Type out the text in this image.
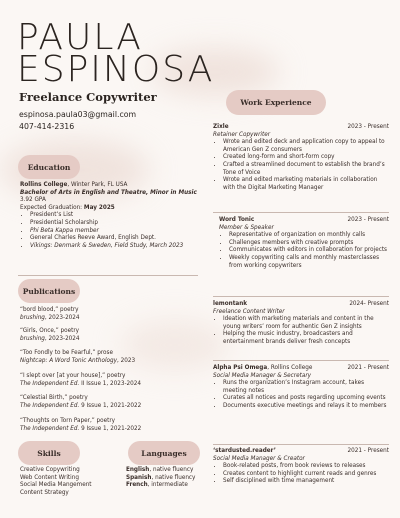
PAULA
ESPINOSA
Freelance Copywriter
espinosa.paula03@gmail.com
407-414-2316
Work Experience
Education
Rollins College, Winter Park, FL USA
Bachelor of Arts in English and Theatre, Minor in Music
3.92 GPA
Expected Graduation: May 2025
• President’s List
• Presidential Scholarship
• Phi Beta Kappa member
• General Charles Reeve Award, English Dept.
• Vikings: Denmark & Sweden, Field Study, March 2023
Publications
“bord blood,” poetry
brushing, 2023-2024
“Girls, Once,” poetry
brushing, 2023-2024
“Too Fondly to be Fearful,” prose
Nightcap: A Word Tonic Anthology, 2023
“I slept over [at your house],” poetry
The Independent Ed. II Issue 1, 2023-2024
“Celestial Birth,” poetry
The Independent Ed. 9 Issue 1, 2021-2022
“Thoughts on Torn Paper,” poetry
The Independent Ed. 9 Issue 1, 2021-2022
Skills	Languages
Creative Copywriting
Web Content Writing
Social Media Mangement
Content Strategy
English, native fluency
Spanish, native fluency
French, intermediate
Zixle	2023 - Present
Retainer Copywriter
• Wrote and edited deck and application copy to appeal to American Gen Z consumers
• Created long-form and short-form copy
• Crafted a streamlined document to establish the brand’s Tone of Voice
• Wrote and edited marketing materials in collaboration with the Digital Marketing Manager
Word Tonic	2023 - Present
Member & Speaker
• Representative of organization on monthly calls
• Challenges members with creative prompts
• Communicates with editors in collaboration for projects
• Weekly copywriting calls and monthly masterclasses from working copywriters
lemontank	2024- Present
Freelance Content Writer
• Ideation with marketing materials and content in the young writers’ room for authentic Gen Z insights
• Helping the music industry, broadcasters and entertainment brands deliver fresh concepts
Alpha Psi Omega, Rollins College	2021 - Present
Social Media Manager & Secretary
• Runs the organization’s Instagram account, takes meeting notes
• Curates all notices and posts regarding upcoming events
• Documents executive meetings and relays it to members
‘stardusted.reader’	2021 - Present
Social Media Manager & Creator
• Book-related posts, from book reviews to releases
• Creates content to highlight current reads and genres
• Self disciplined with time management
